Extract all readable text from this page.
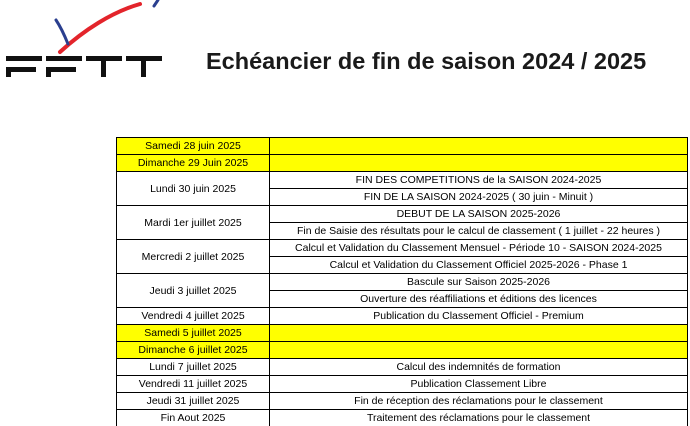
Echéancier de fin de saison 2024 / 2025
Samedi 28 juin 2025	
Dimanche 29 Juin 2025	
Lundi 30 juin 2025	FIN DES COMPETITIONS de la SAISON 2024-2025
	FIN DE LA SAISON 2024-2025 ( 30 juin - Minuit )
Mardi 1er juillet 2025	DEBUT DE LA SAISON 2025-2026
	Fin de Saisie des résultats pour le calcul de classement ( 1 juillet - 22 heures )
Mercredi 2 juillet 2025	Calcul et Validation du Classement Mensuel - Période 10 - SAISON 2024-2025
	Calcul et Validation du Classement Officiel 2025-2026 - Phase 1
Jeudi 3 juillet 2025	Bascule sur Saison 2025-2026
	Ouverture des réaffiliations et éditions des licences
Vendredi 4 juillet 2025	Publication du Classement Officiel - Premium
Samedi 5 juillet 2025	
Dimanche 6 juillet 2025	
Lundi 7 juillet 2025	Calcul des indemnités de formation
Vendredi 11 juillet 2025	Publication Classement Libre
Jeudi 31 juillet 2025	Fin de réception des réclamations pour le classement
Fin Aout 2025	Traitement des réclamations pour le classement
